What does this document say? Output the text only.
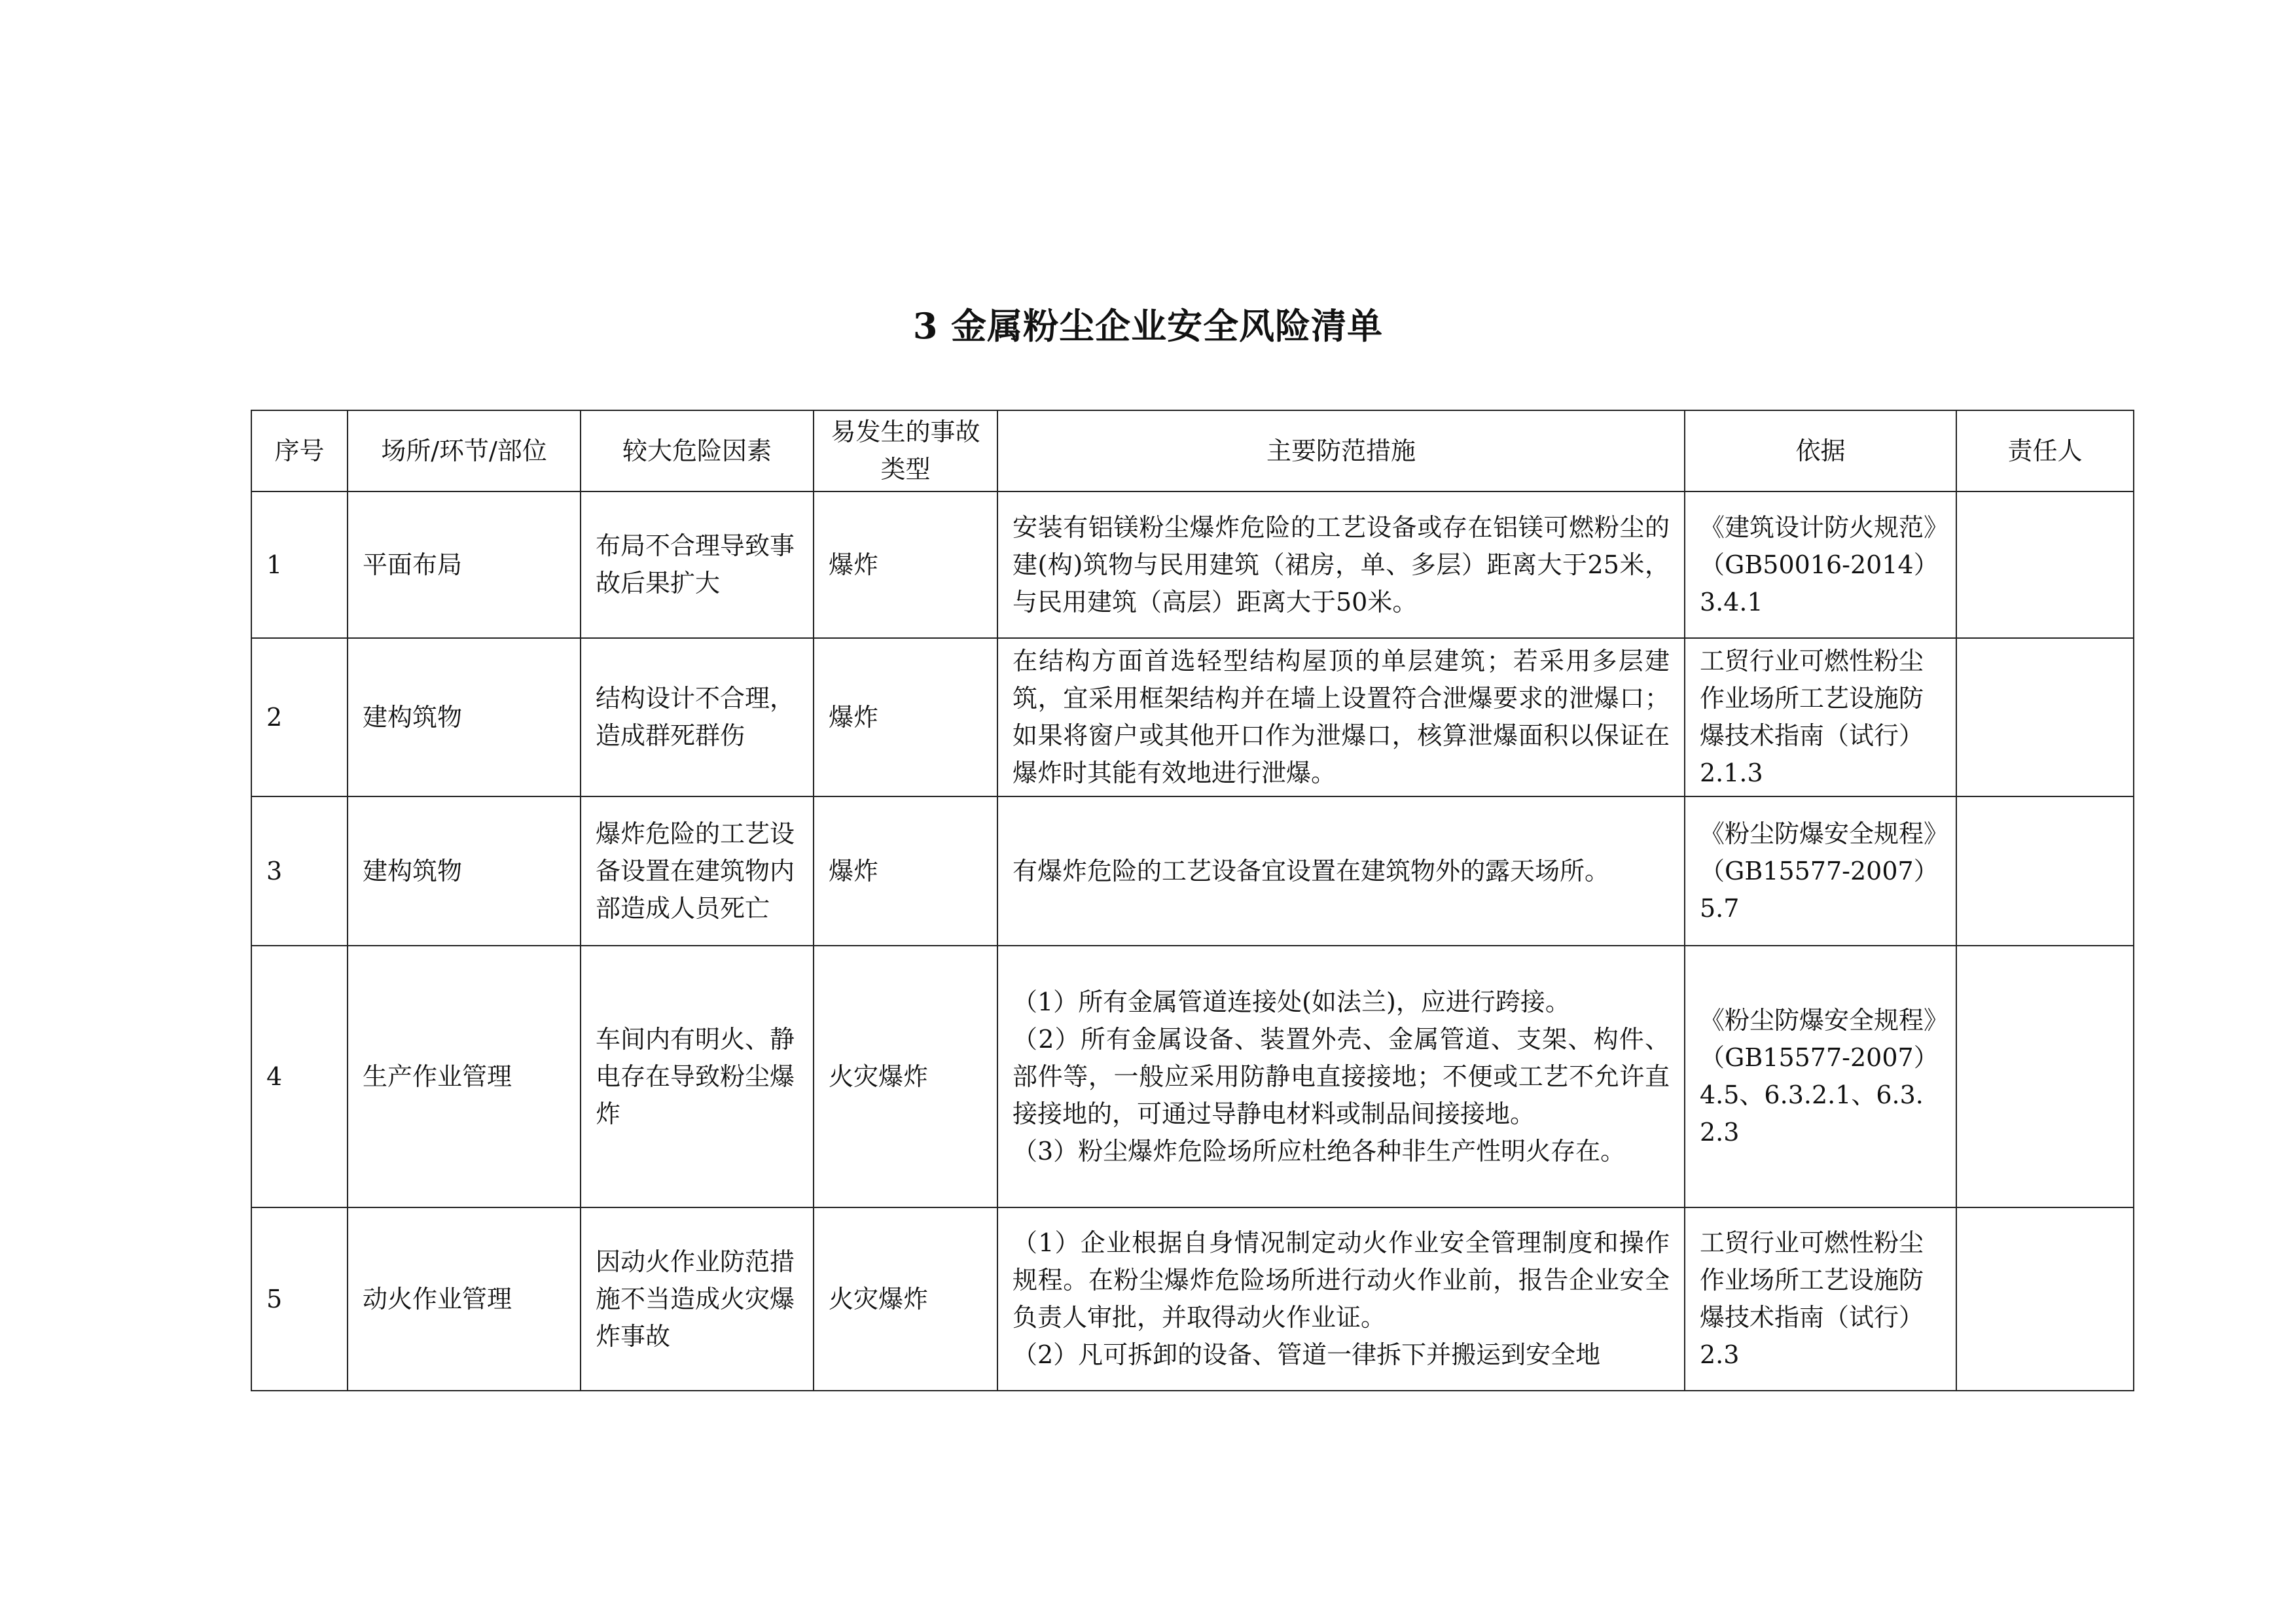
3 金属粉尘企业安全风险清单
序号	场所/环节/部位	较大危险因素	易发生的事故类型	主要防范措施	依据	责任人
1	平面布局	布局不合理导致事故后果扩大	爆炸	安装有铝镁粉尘爆炸危险的工艺设备或存在铝镁可燃粉尘的建(构)筑物与民用建筑（裙房，单、多层）距离大于25米，与民用建筑（高层）距离大于50米。	《建筑设计防火规范》
（GB50016-2014）
3.4.1	

2	建构筑物	结构设计不合理，造成群死群伤	爆炸	在结构方面首选轻型结构屋顶的单层建筑；若采用多层建筑，宜采用框架结构并在墙上设置符合泄爆要求的泄爆口；如果将窗户或其他开口作为泄爆口，核算泄爆面积以保证在爆炸时其能有效地进行泄爆。	工贸行业可燃性粉尘作业场所工艺设施防爆技术指南（试行）2.1.3	

3	建构筑物	爆炸危险的工艺设备设置在建筑物内部造成人员死亡	爆炸	有爆炸危险的工艺设备宜设置在建筑物外的露天场所。	《粉尘防爆安全规程》
（GB15577-2007）
5.7	

4	生产作业管理	车间内有明火、静电存在导致粉尘爆炸	火灾爆炸	（1）所有金属管道连接处(如法兰)，应进行跨接。
（2）所有金属设备、装置外壳、金属管道、支架、构件、部件等，一般应采用防静电直接接地；不便或工艺不允许直接接地的，可通过导静电材料或制品间接接地。
（3）粉尘爆炸危险场所应杜绝各种非生产性明火存在。	《粉尘防爆安全规程》
（GB15577-2007）
4.5、6.3.2.1、6.3.2.3	

5	动火作业管理	因动火作业防范措施不当造成火灾爆炸事故	火灾爆炸	（1）企业根据自身情况制定动火作业安全管理制度和操作规程。在粉尘爆炸危险场所进行动火作业前，报告企业安全负责人审批，并取得动火作业证。
（2）凡可拆卸的设备、管道一律拆下并搬运到安全地	工贸行业可燃性粉尘作业场所工艺设施防爆技术指南（试行）
2.3	
